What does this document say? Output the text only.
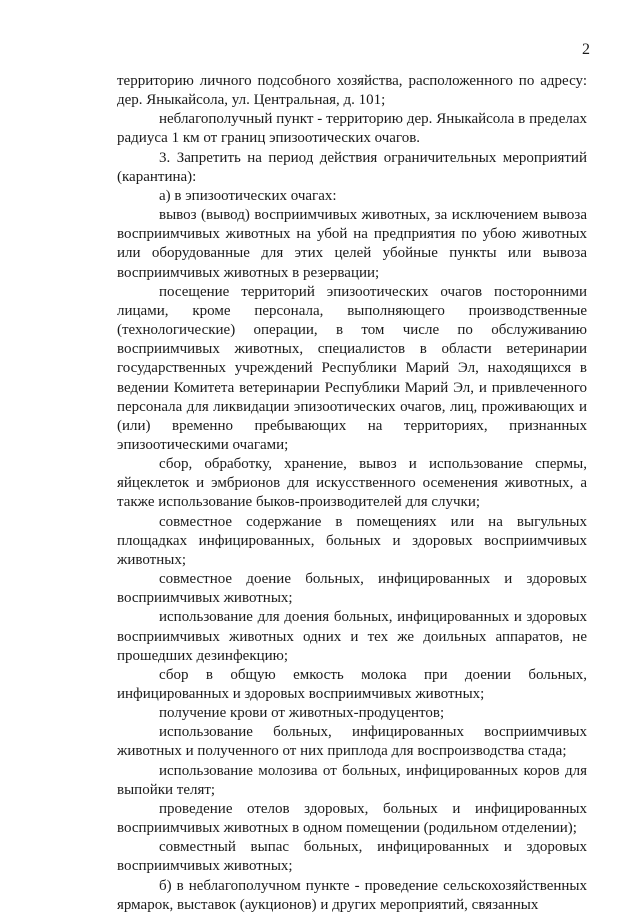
2

территорию личного подсобного хозяйства, расположенного по адресу: дер. Яныкайсола, ул. Центральная, д. 101;

неблагополучный пункт - территорию дер. Яныкайсола в пределах радиуса 1 км от границ эпизоотических очагов.

3. Запретить на период действия ограничительных мероприятий (карантина):

а) в эпизоотических очагах:

вывоз (вывод) восприимчивых животных, за исключением вывоза восприимчивых животных на убой на предприятия по убою животных или оборудованные для этих целей убойные пункты или вывоза восприимчивых животных в резервации;

посещение территорий эпизоотических очагов посторонними лицами, кроме персонала, выполняющего производственные (технологические) операции, в том числе по обслуживанию восприимчивых животных, специалистов в области ветеринарии государственных учреждений Республики Марий Эл, находящихся в ведении Комитета ветеринарии Республики Марий Эл, и привлеченного персонала для ликвидации эпизоотических очагов, лиц, проживающих и (или) временно пребывающих на территориях, признанных эпизоотическими очагами;

сбор, обработку, хранение, вывоз и использование спермы, яйцеклеток и эмбрионов для искусственного осеменения животных, а также использование быков-производителей для случки;

совместное содержание в помещениях или на выгульных площадках инфицированных, больных и здоровых восприимчивых животных;

совместное доение больных, инфицированных и здоровых восприимчивых животных;

использование для доения больных, инфицированных и здоровых восприимчивых животных одних и тех же доильных аппаратов, не прошедших дезинфекцию;

сбор в общую емкость молока при доении больных, инфицированных и здоровых восприимчивых животных;

получение крови от животных-продуцентов;

использование больных, инфицированных восприимчивых животных и полученного от них приплода для воспроизводства стада;

использование молозива от больных, инфицированных коров для выпойки телят;

проведение отелов здоровых, больных и инфицированных восприимчивых животных в одном помещении (родильном отделении);

совместный выпас больных, инфицированных и здоровых восприимчивых животных;

б) в неблагополучном пункте - проведение сельскохозяйственных ярмарок, выставок (аукционов) и других мероприятий, связанных
